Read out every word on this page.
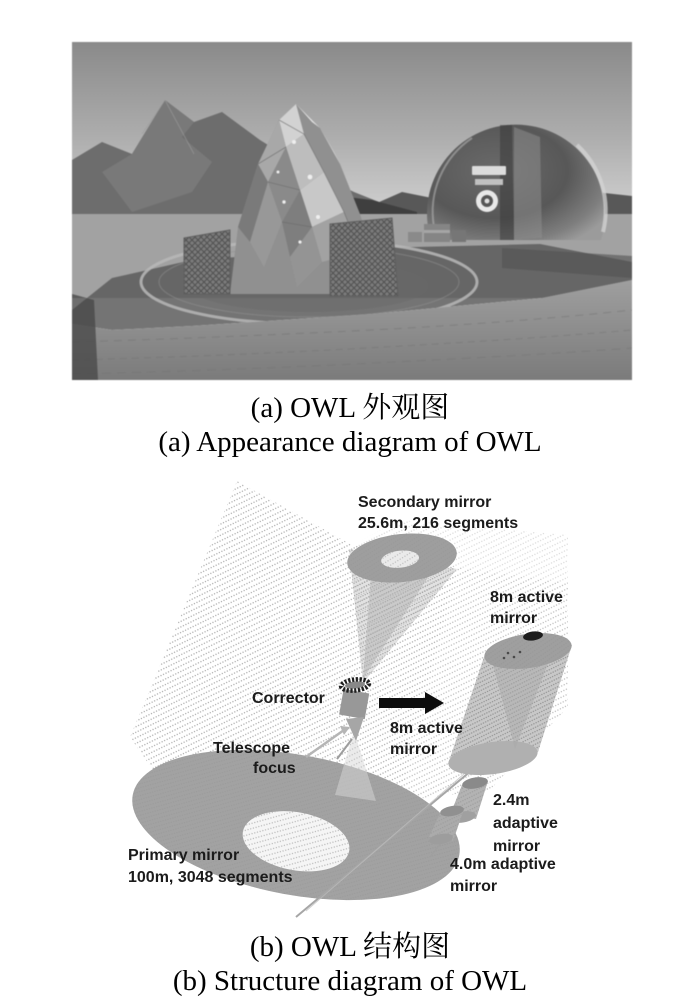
(a) OWL 外观图
(a) Appearance diagram of OWL
Secondary mirror
25.6m, 216 segments
8m active
mirror
Corrector
8m active
mirror
Telescope
focus
2.4m
adaptive
mirror
4.0m adaptive
mirror
Primary mirror
100m, 3048 segments
(b) OWL 结构图
(b) Structure diagram of OWL
